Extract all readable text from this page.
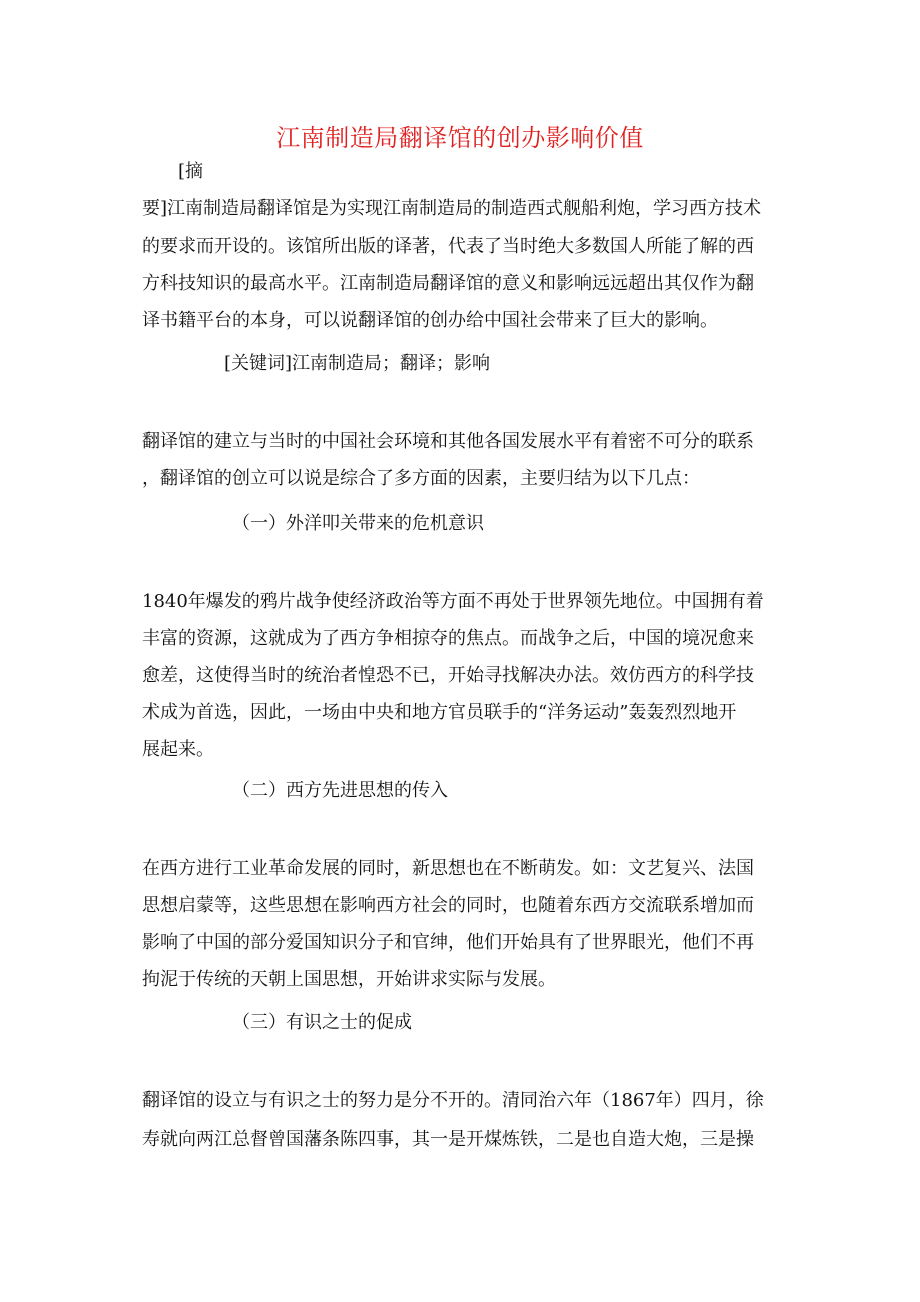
江南制造局翻译馆的创办影响价值
[摘
要]江南制造局翻译馆是为实现江南制造局的制造西式舰船利炮，学习西方技术
的要求而开设的。该馆所出版的译著，代表了当时绝大多数国人所能了解的西
方科技知识的最高水平。江南制造局翻译馆的意义和影响远远超出其仅作为翻
译书籍平台的本身，可以说翻译馆的创办给中国社会带来了巨大的影响。
[关键词]江南制造局；翻译；影响
翻译馆的建立与当时的中国社会环境和其他各国发展水平有着密不可分的联系
，翻译馆的创立可以说是综合了多方面的因素，主要归结为以下几点：
（一）外洋叩关带来的危机意识
1840年爆发的鸦片战争使经济政治等方面不再处于世界领先地位。中国拥有着
丰富的资源，这就成为了西方争相掠夺的焦点。而战争之后，中国的境况愈来
愈差，这使得当时的统治者惶恐不已，开始寻找解决办法。效仿西方的科学技
术成为首选，因此，一场由中央和地方官员联手的“洋务运动”轰轰烈烈地开
展起来。
（二）西方先进思想的传入
在西方进行工业革命发展的同时，新思想也在不断萌发。如：文艺复兴、法国
思想启蒙等，这些思想在影响西方社会的同时，也随着东西方交流联系增加而
影响了中国的部分爱国知识分子和官绅，他们开始具有了世界眼光，他们不再
拘泥于传统的天朝上国思想，开始讲求实际与发展。
（三）有识之士的促成
翻译馆的设立与有识之士的努力是分不开的。清同治六年（1867年）四月，徐
寿就向两江总督曾国藩条陈四事，其一是开煤炼铁，二是也自造大炮，三是操
